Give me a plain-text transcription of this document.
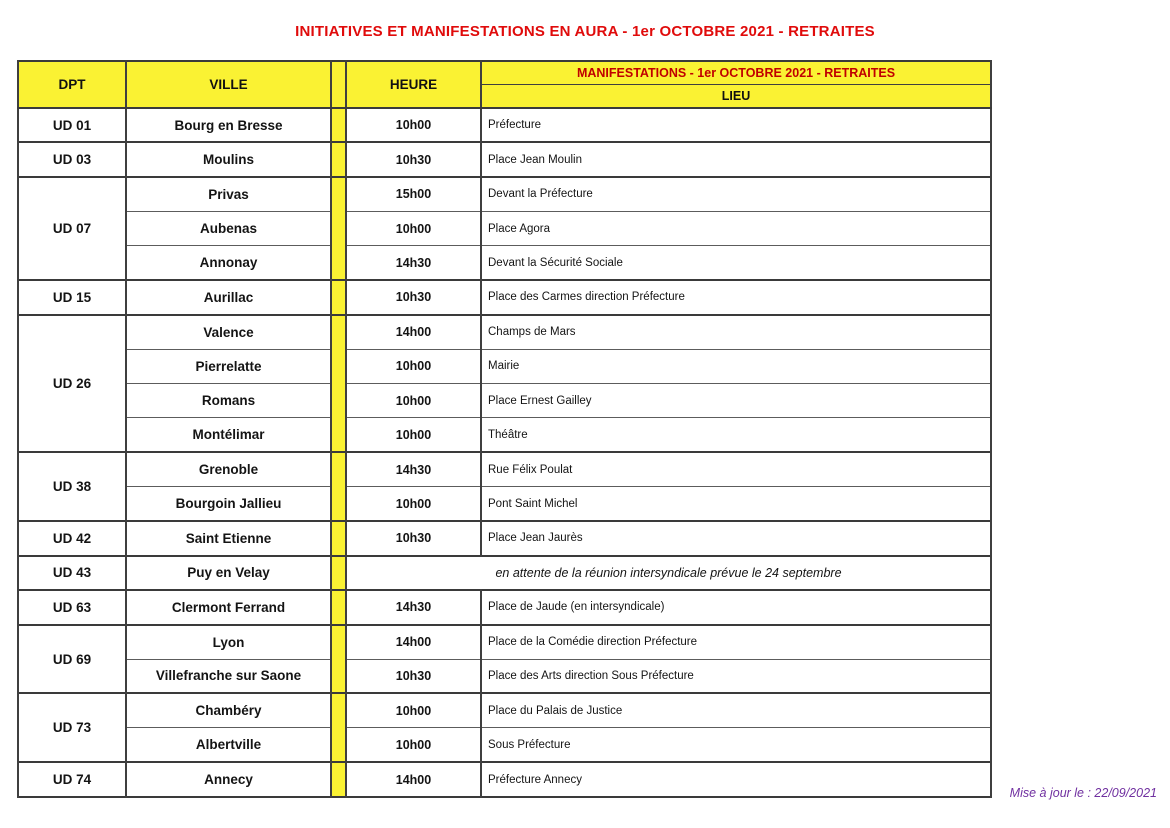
INITIATIVES ET MANIFESTATIONS EN AURA - 1er OCTOBRE 2021 - RETRAITES
DPT	VILLE		HEURE	MANIFESTATIONS - 1er OCTOBRE 2021 - RETRAITES
				LIEU
UD 01	Bourg en Bresse		10h00	Préfecture
UD 03	Moulins		10h30	Place Jean Moulin
UD 07	Privas		15h00	Devant la Préfecture
	Aubenas		10h00	Place Agora
	Annonay		14h30	Devant la Sécurité Sociale
UD 15	Aurillac		10h30	Place des Carmes direction Préfecture
UD 26	Valence		14h00	Champs de Mars
	Pierrelatte		10h00	Mairie
	Romans		10h00	Place Ernest Gailley
	Montélimar		10h00	Théâtre
UD 38	Grenoble		14h30	Rue Félix Poulat
	Bourgoin Jallieu		10h00	Pont Saint Michel
UD 42	Saint Etienne		10h30	Place Jean Jaurès
UD 43	Puy en Velay		en attente de la réunion intersyndicale prévue le 24 septembre	
UD 63	Clermont Ferrand		14h30	Place de Jaude (en intersyndicale)
UD 69	Lyon		14h00	Place de la Comédie direction Préfecture
	Villefranche sur Saone		10h30	Place des Arts direction Sous Préfecture
UD 73	Chambéry		10h00	Place du Palais de Justice
	Albertville		10h00	Sous Préfecture
UD 74	Annecy		14h00	Préfecture Annecy
Mise à jour le : 22/09/2021
